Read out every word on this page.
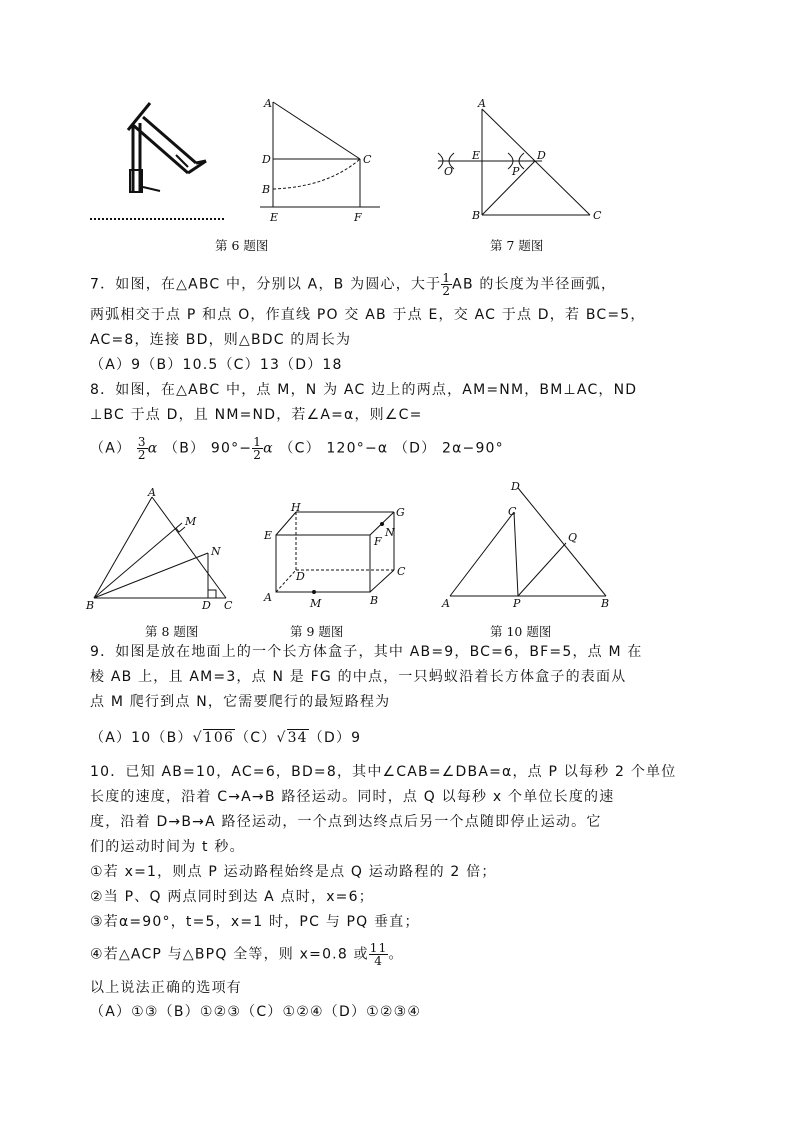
A
D	C
B
E	F
第 6 题图
A
E	D
O	P
B	C
第 7 题图
7．如图，在△ABC 中，分别以 A，B 为圆心，大于 $\frac{1}{2}$ AB 的长度为半径画弧，
两弧相交于点 P 和点 O，作直线 PO 交 AB 于点 E，交 AC 于点 D，若 BC=5，
AC=8，连接 BD，则△BDC 的周长为
（A）9（B）10.5（C）13（D）18
8．如图，在△ABC 中，点 M，N 为 AC 边上的两点，AM=NM，BM⊥AC，ND
⊥BC 于点 D，且 NM=ND，若∠A=α，则∠C=
$(A) \frac{3}{2}$ α （B） $90^\circ- \frac{1}{2}$ α （C） 120°−α （D） 2α−90°
A
M
N
B	D C
第 8 题图
H	G
E	F
N
D	C
A	M	B
第 9 题图
D
C
Q
A	P	B
第 10 题图
9．如图是放在地面上的一个长方体盒子，其中 AB=9，BC=6，BF=5，点 M 在
棱 AB 上，且 AM=3，点 N 是 FG 的中点，一只蚂蚁沿着长方体盒子的表面从
点 M 爬行到点 N，它需要爬行的最短路程为
（A）10（B）√106（C）√34（D）9
10．已知 AB=10，AC=6，BD=8，其中∠CAB=∠DBA=α，点 P 以每秒 2 个单位
长度的速度，沿着 C→A→B 路径运动。同时，点 Q 以每秒 x 个单位长度的速
度，沿着 D→B→A 路径运动，一个点到达终点后另一个点随即停止运动。它
们的运动时间为 t 秒。
①若 x=1，则点 P 运动路程始终是点 Q 运动路程的 2 倍；
②当 P、Q 两点同时到达 A 点时，x=6；
③若α=90°，t=5，x=1 时，PC 与 PQ 垂直；
④若△ACP 与△BPQ 全等，则 x=0.8 或 $\frac{11}{4}$ 。
以上说法正确的选项有
（A）①③（B）①②③（C）①②④（D）①②③④
